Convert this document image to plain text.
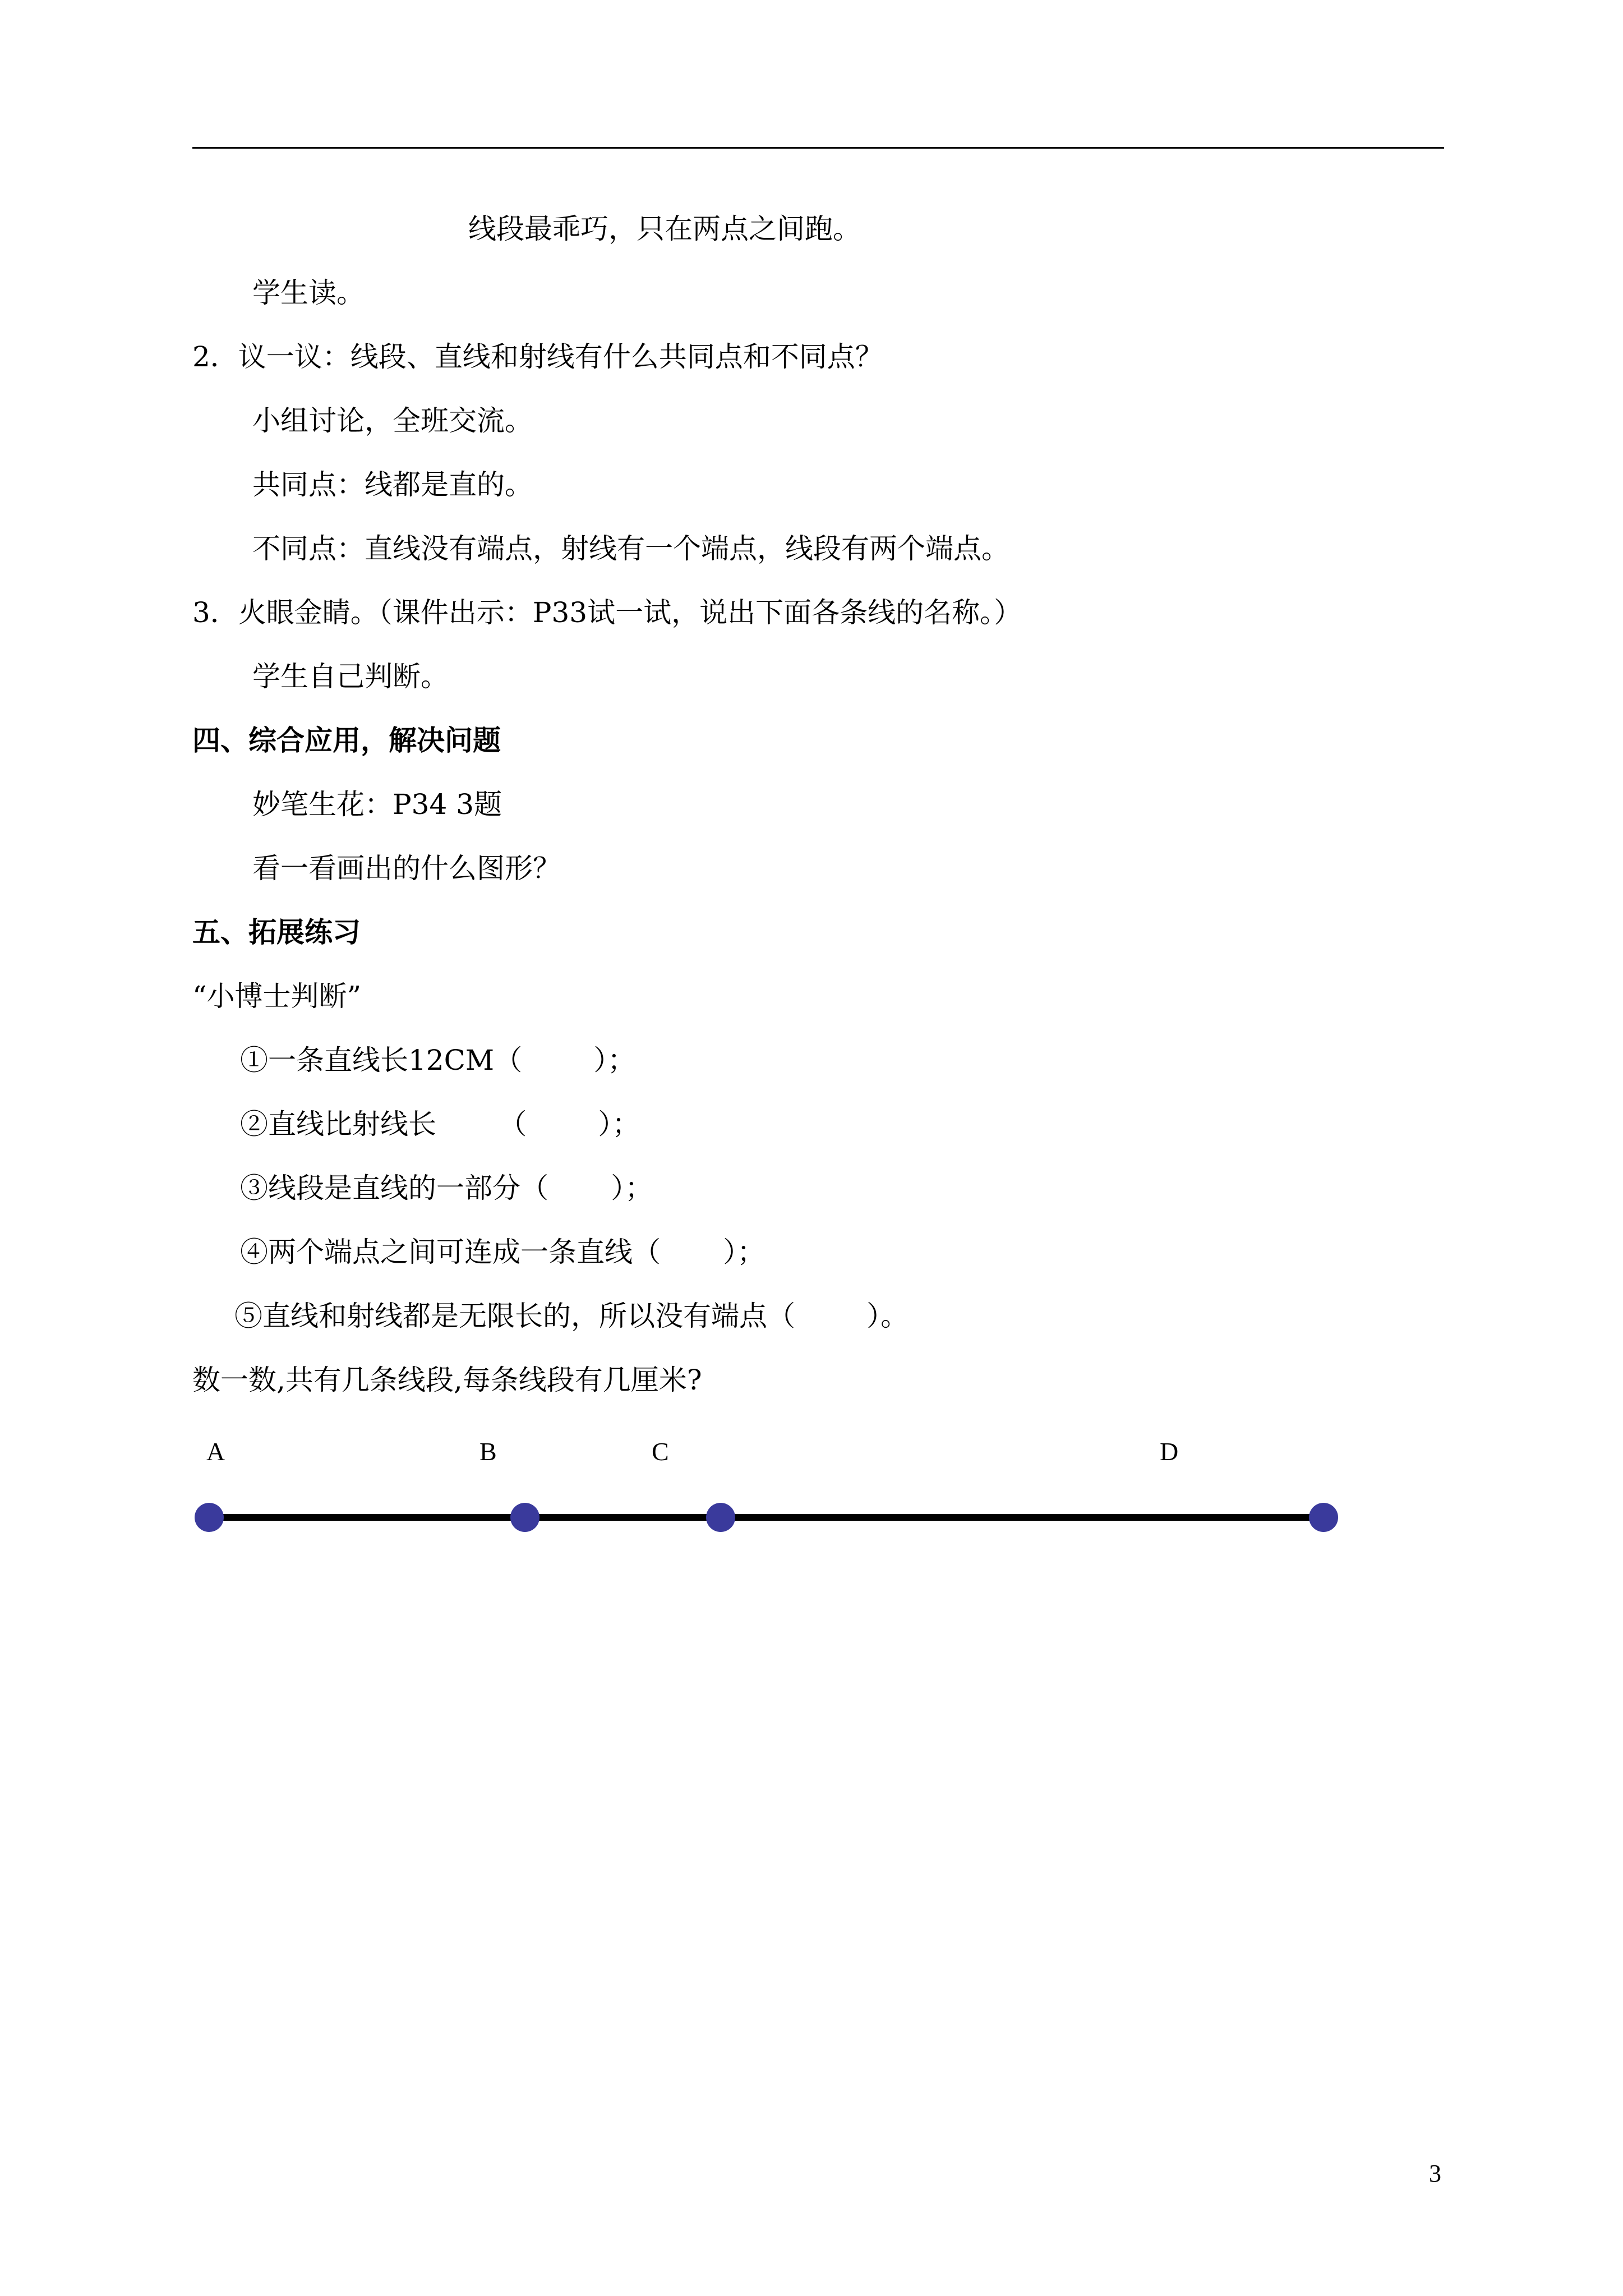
线段最乖巧，只在两点之间跑。
学生读。
2．议一议：线段、直线和射线有什么共同点和不同点？
小组讨论，全班交流。
共同点：线都是直的。
不同点：直线没有端点，射线有一个端点，线段有两个端点。
3．火眼金睛。（课件出示：P33试一试，说出下面各条线的名称。）
学生自己判断。
四、综合应用，解决问题
妙笔生花：P34 3题
看一看画出的什么图形？
五、拓展练习
“小博士判断”
①一条直线长12CM（        ）；
②直线比射线长       （        ）；
③线段是直线的一部分（       ）；
④两个端点之间可连成一条直线（       ）；
⑤直线和射线都是无限长的，所以没有端点（        ）。
数一数,共有几条线段,每条线段有几厘米?
A	B	C	D
3
